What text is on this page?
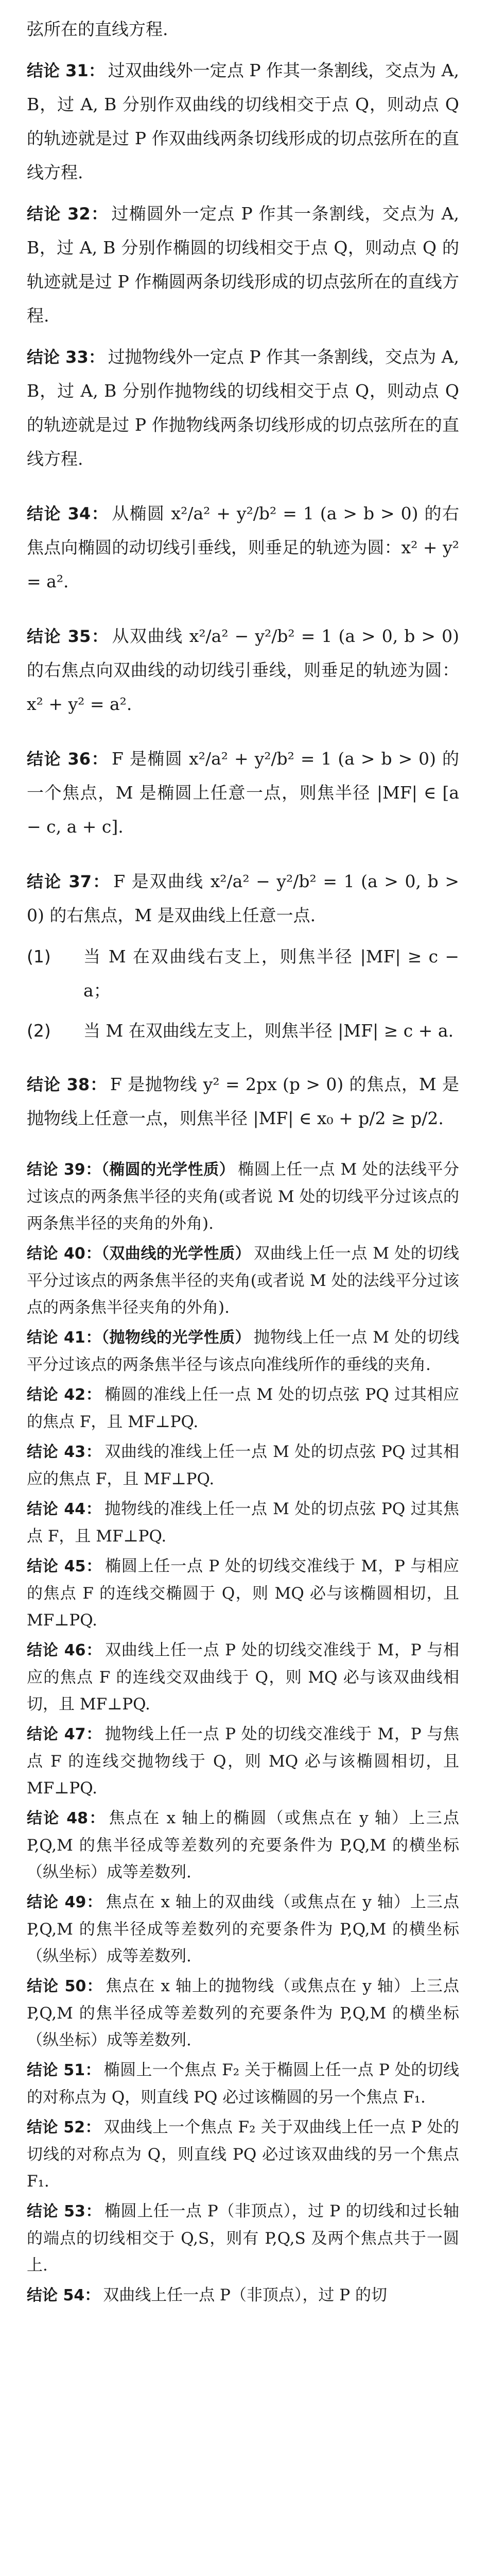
弦所在的直线方程.

结论 31： 过双曲线外一定点 P 作其一条割线，交点为 A, B，过 A, B 分别作双曲线的切线相交于点 Q，则动点 Q 的轨迹就是过 P 作双曲线两条切线形成的切点弦所在的直线方程.

结论 32： 过椭圆外一定点 P 作其一条割线，交点为 A, B，过 A, B 分别作椭圆的切线相交于点 Q，则动点 Q 的轨迹就是过 P 作椭圆两条切线形成的切点弦所在的直线方程.

结论 33： 过抛物线外一定点 P 作其一条割线，交点为 A, B，过 A, B 分别作抛物线的切线相交于点 Q，则动点 Q 的轨迹就是过 P 作抛物线两条切线形成的切点弦所在的直线方程.

结论 34： 从椭圆 x²/a² + y²/b² = 1 (a > b > 0) 的右焦点向椭圆的动切线引垂线，则垂足的轨迹为圆：x² + y² = a².

结论 35： 从双曲线 x²/a² − y²/b² = 1 (a > 0, b > 0) 的右焦点向双曲线的动切线引垂线，则垂足的轨迹为圆：x² + y² = a².

结论 36： F 是椭圆 x²/a² + y²/b² = 1 (a > b > 0) 的一个焦点，M 是椭圆上任意一点，则焦半径 |MF| ∈ [a − c, a + c].

结论 37： F 是双曲线 x²/a² − y²/b² = 1 (a > 0, b > 0) 的右焦点，M 是双曲线上任意一点.

(1)	当 M 在双曲线右支上，则焦半径 |MF| ≥ c − a；
(2)	当 M 在双曲线左支上，则焦半径 |MF| ≥ c + a.

结论 38： F 是抛物线 y² = 2px (p > 0) 的焦点，M 是抛物线上任意一点，则焦半径 |MF| ∈ x₀ + p/2 ≥ p/2.

结论 39：（椭圆的光学性质） 椭圆上任一点 M 处的法线平分过该点的两条焦半径的夹角(或者说 M 处的切线平分过该点的两条焦半径的夹角的外角).

结论 40：（双曲线的光学性质） 双曲线上任一点 M 处的切线平分过该点的两条焦半径的夹角(或者说 M 处的法线平分过该点的两条焦半径夹角的外角).

结论 41：（抛物线的光学性质） 抛物线上任一点 M 处的切线平分过该点的两条焦半径与该点向准线所作的垂线的夹角.

结论 42： 椭圆的准线上任一点 M 处的切点弦 PQ 过其相应的焦点 F，且 MF⊥PQ.

结论 43： 双曲线的准线上任一点 M 处的切点弦 PQ 过其相应的焦点 F，且 MF⊥PQ.

结论 44： 抛物线的准线上任一点 M 处的切点弦 PQ 过其焦点 F，且 MF⊥PQ.

结论 45： 椭圆上任一点 P 处的切线交准线于 M，P 与相应的焦点 F 的连线交椭圆于 Q，则 MQ 必与该椭圆相切，且 MF⊥PQ.

结论 46： 双曲线上任一点 P 处的切线交准线于 M，P 与相应的焦点 F 的连线交双曲线于 Q，则 MQ 必与该双曲线相切，且 MF⊥PQ.

结论 47： 抛物线上任一点 P 处的切线交准线于 M，P 与焦点 F 的连线交抛物线于 Q，则 MQ 必与该椭圆相切，且 MF⊥PQ.

结论 48： 焦点在 x 轴上的椭圆（或焦点在 y 轴）上三点 P,Q,M 的焦半径成等差数列的充要条件为 P,Q,M 的横坐标（纵坐标）成等差数列.

结论 49： 焦点在 x 轴上的双曲线（或焦点在 y 轴）上三点 P,Q,M 的焦半径成等差数列的充要条件为 P,Q,M 的横坐标（纵坐标）成等差数列.

结论 50： 焦点在 x 轴上的抛物线（或焦点在 y 轴）上三点 P,Q,M 的焦半径成等差数列的充要条件为 P,Q,M 的横坐标（纵坐标）成等差数列.

结论 51： 椭圆上一个焦点 F₂ 关于椭圆上任一点 P 处的切线的对称点为 Q，则直线 PQ 必过该椭圆的另一个焦点 F₁.

结论 52： 双曲线上一个焦点 F₂ 关于双曲线上任一点 P 处的切线的对称点为 Q，则直线 PQ 必过该双曲线的另一个焦点 F₁.

结论 53： 椭圆上任一点 P（非顶点），过 P 的切线和过长轴的端点的切线相交于 Q,S，则有 P,Q,S 及两个焦点共于一圆上.

结论 54： 双曲线上任一点 P（非顶点），过 P 的切
